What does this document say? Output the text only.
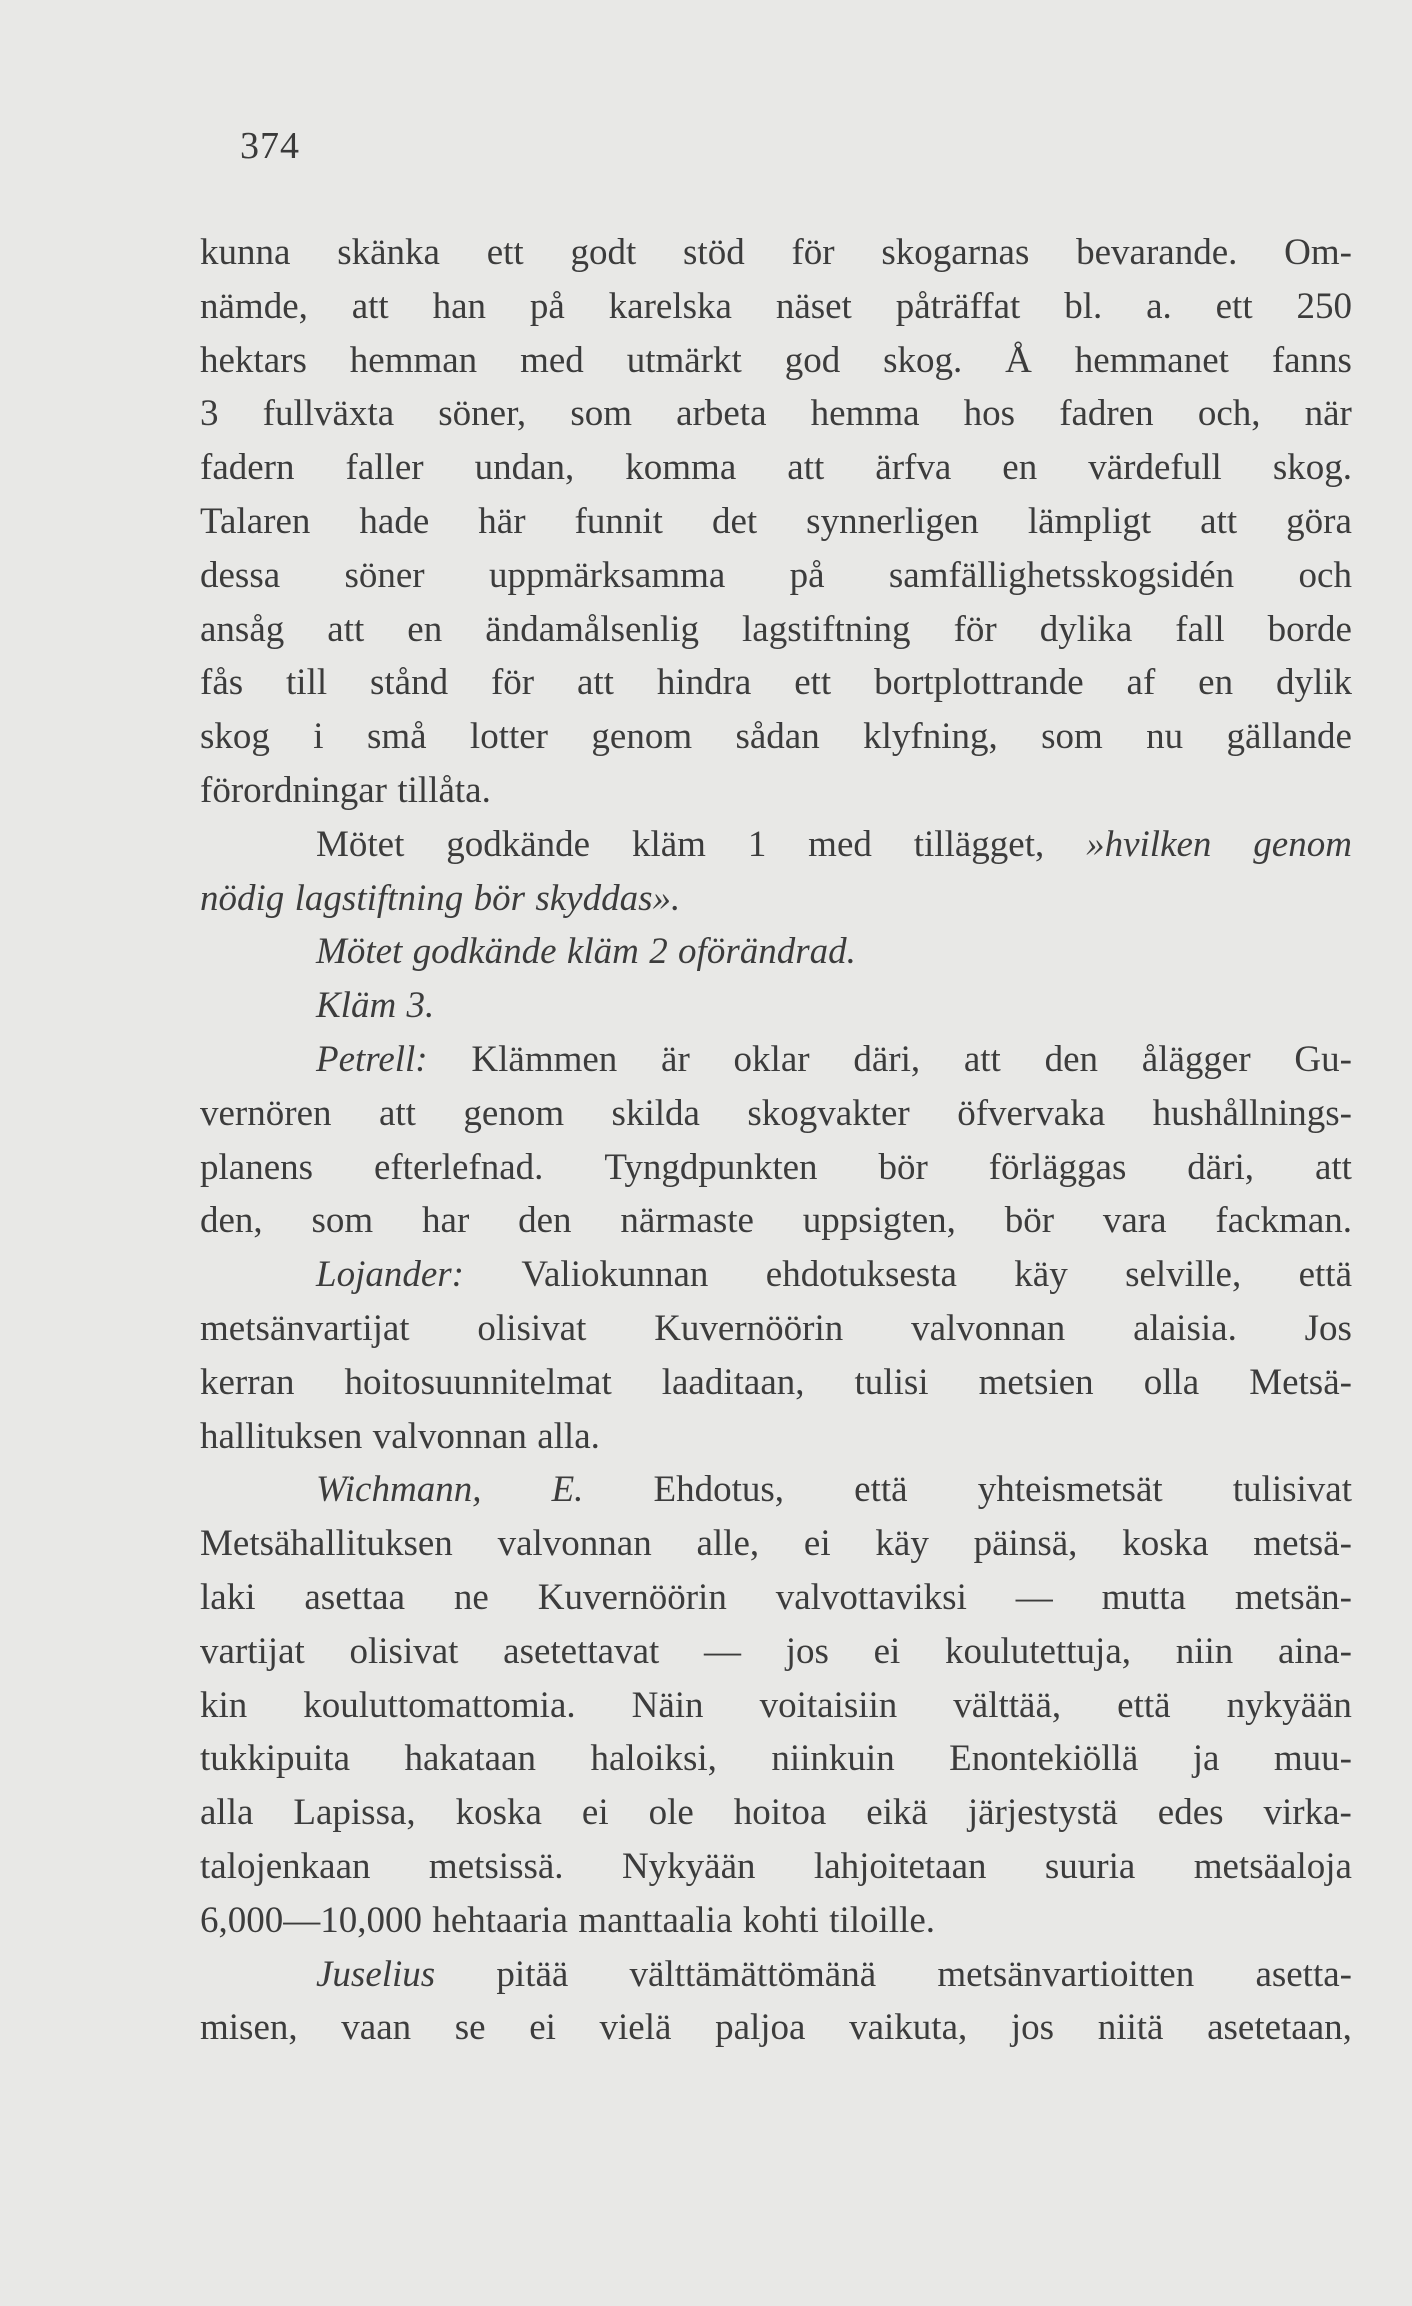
374
kunna skänka ett godt stöd för skogarnas bevarande. Om-
nämde, att han på karelska näset påträffat bl. a. ett 250
hektars hemman med utmärkt god skog. Å hemmanet fanns
3 fullväxta söner, som arbeta hemma hos fadren och, när
fadern faller undan, komma att ärfva en värdefull skog.
Talaren hade här funnit det synnerligen lämpligt att göra
dessa söner uppmärksamma på samfällighetsskogsidén och
ansåg att en ändamålsenlig lagstiftning för dylika fall borde
fås till stånd för att hindra ett bortplottrande af en dylik
skog i små lotter genom sådan klyfning, som nu gällande
förordningar tillåta.
Mötet godkände kläm 1 med tillägget, »hvilken genom
nödig lagstiftning bör skyddas».
Mötet godkände kläm 2 oförändrad.
Kläm 3.
Petrell: Klämmen är oklar däri, att den ålägger Gu-
vernören att genom skilda skogvakter öfvervaka hushållnings-
planens efterlefnad. Tyngdpunkten bör förläggas däri, att
den, som har den närmaste uppsigten, bör vara fackman.
Lojander: Valiokunnan ehdotuksesta käy selville, että
metsänvartijat olisivat Kuvernöörin valvonnan alaisia. Jos
kerran hoitosuunnitelmat laaditaan, tulisi metsien olla Metsä-
hallituksen valvonnan alla.
Wichmann, E. Ehdotus, että yhteismetsät tulisivat
Metsähallituksen valvonnan alle, ei käy päinsä, koska metsä-
laki asettaa ne Kuvernöörin valvottaviksi — mutta metsän-
vartijat olisivat asetettavat — jos ei koulutettuja, niin aina-
kin kouluttomattomia. Näin voitaisiin välttää, että nykyään
tukkipuita hakataan haloiksi, niinkuin Enontekiöllä ja muu-
alla Lapissa, koska ei ole hoitoa eikä järjestystä edes virka-
talojenkaan metsissä. Nykyään lahjoitetaan suuria metsäaloja
6,000—10,000 hehtaaria manttaalia kohti tiloille.
Juselius pitää välttämättömänä metsänvartioitten asetta-
misen, vaan se ei vielä paljoa vaikuta, jos niitä asetetaan,
